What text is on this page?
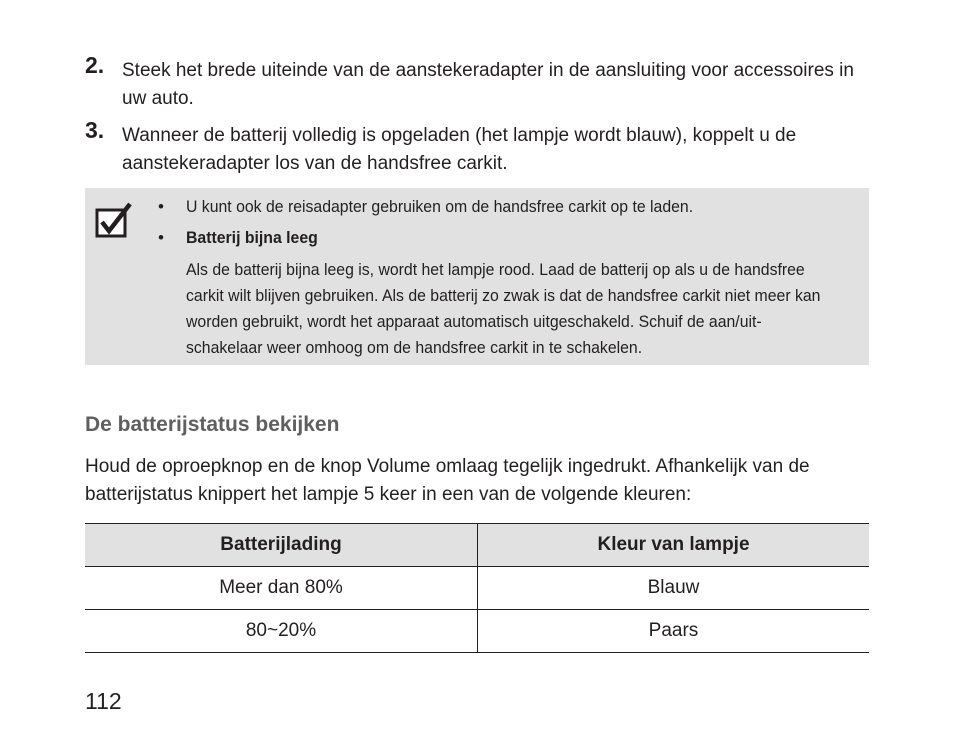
2. Steek het brede uiteinde van de aanstekeradapter in de aansluiting voor accessoires in uw auto.
3. Wanneer de batterij volledig is opgeladen (het lampje wordt blauw), koppelt u de aanstekeradapter los van de handsfree carkit.
• U kunt ook de reisadapter gebruiken om de handsfree carkit op te laden.
• Batterij bijna leeg
Als de batterij bijna leeg is, wordt het lampje rood. Laad de batterij op als u de handsfree carkit wilt blijven gebruiken. Als de batterij zo zwak is dat de handsfree carkit niet meer kan worden gebruikt, wordt het apparaat automatisch uitgeschakeld. Schuif de aan/uit-schakelaar weer omhoog om de handsfree carkit in te schakelen.
De batterijstatus bekijken
Houd de oproepknop en de knop Volume omlaag tegelijk ingedrukt. Afhankelijk van de batterijstatus knippert het lampje 5 keer in een van de volgende kleuren:
Batterijlading	Kleur van lampje
Meer dan 80%	Blauw
80~20%	Paars
112
